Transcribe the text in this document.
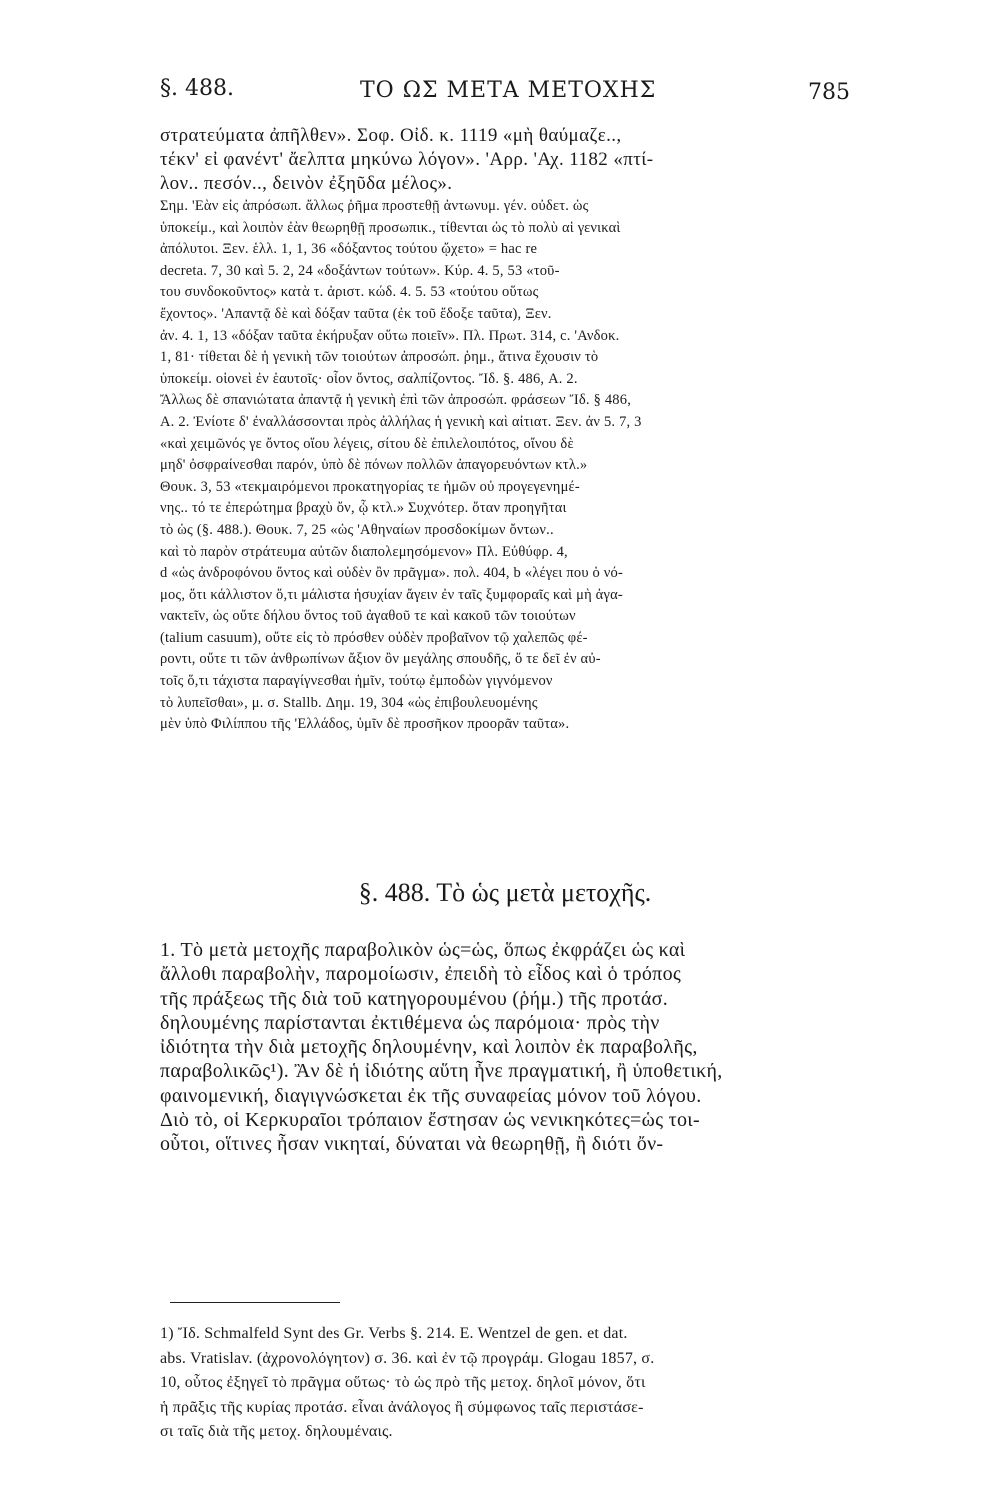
§. 488.	ΤΟ ΩΣ ΜΕΤΑ ΜΕΤΟΧΗΣ	785
στρατεύματα ἀπῆλθεν». Σοφ. Οἰδ. κ. 1119 «μὴ θαύμαζε..,
τέκν' εἰ φανέντ' ἄελπτα μηκύνω λόγον». 'Αρρ. 'Αχ. 1182 «πτί-
λον.. πεσόν.., δεινὸν ἐξηῦδα μέλος».
Σημ. 'Εὰν εἰς ἀπρόσωπ. ἄλλως ῥῆμα προστεθῇ ἀντωνυμ. γέν. οὐδετ. ὡς
ὑποκείμ., καὶ λοιπὸν ἐὰν θεωρηθῇ προσωπικ., τίθενται ὡς τὸ πολὺ αἱ γενικαὶ
ἀπόλυτοι. Ξεν. ἑλλ. 1, 1, 36 «δόξαντος τούτου ᾤχετο» = hac re
decreta. 7, 30 καὶ 5. 2, 24 «δοξάντων τούτων». Κύρ. 4. 5, 53 «τοῦ-
του συνδοκοῦντος» κατὰ τ. ἀριστ. κώδ. 4. 5. 53 «τούτου οὕτως
ἔχοντος». 'Απαντᾷ δὲ καὶ δόξαν ταῦτα (ἐκ τοῦ ἔδοξε ταῦτα), Ξεν.
ἀν. 4. 1, 13 «δόξαν ταῦτα ἐκήρυξαν οὕτω ποιεῖν». Πλ. Πρωτ. 314, c. 'Ανδοκ.
1, 81· τίθεται δὲ ἡ γενικὴ τῶν τοιούτων ἀπροσώπ. ῥημ., ἅτινα ἔχουσιν τὸ
ὑποκείμ. οἱονεὶ ἐν ἑαυτοῖς· οἷον ὄντος, σαλπίζοντος. Ἴδ. §. 486, A. 2.
Ἄλλως δὲ σπανιώτατα ἀπαντᾷ ἡ γενικὴ ἐπὶ τῶν ἀπροσώπ. φράσεων Ἴδ. § 486,
A. 2. Ἐνίοτε δ' ἐναλλάσσονται πρὸς ἀλλήλας ἡ γενικὴ καὶ αἰτιατ. Ξεν. ἀν 5. 7, 3
«καὶ χειμῶνός γε ὄντος οἵου λέγεις, σίτου δὲ ἐπιλελοιπότος, οἴνου δὲ
μηδ' ὀσφραίνεσθαι παρόν, ὑπὸ δὲ πόνων πολλῶν ἀπαγορευόντων κτλ.»
Θουκ. 3, 53 «τεκμαιρόμενοι προκατηγορίας τε ἡμῶν οὐ προγεγενημέ-
νης.. τό τε ἐπερώτημα βραχὺ ὄν, ᾧ κτλ.» Συχνότερ. ὅταν προηγῆται
τὸ ὡς (§. 488.). Θουκ. 7, 25 «ὡς 'Αθηναίων προσδοκίμων ὄντων..
καὶ τὸ παρὸν στράτευμα αὐτῶν διαπολεμησόμενον» Πλ. Εὐθύφρ. 4,
d «ὡς ἀνδροφόνου ὄντος καὶ οὐδὲν ὂν πρᾶγμα». πολ. 404, b «λέγει που ὁ νό-
μος, ὅτι κάλλιστον ὅ,τι μάλιστα ἡσυχίαν ἄγειν ἐν ταῖς ξυμφοραῖς καὶ μὴ ἀγα-
νακτεῖν, ὡς οὔτε δήλου ὄντος τοῦ ἀγαθοῦ τε καὶ κακοῦ τῶν τοιούτων
(talium casuum), οὔτε εἰς τὸ πρόσθεν οὐδὲν προβαῖνον τῷ χαλεπῶς φέ-
ροντι, οὔτε τι τῶν ἀνθρωπίνων ἄξιον ὂν μεγάλης σπουδῆς, ὅ τε δεῖ ἐν αὐ-
τοῖς ὅ,τι τάχιστα παραγίγνεσθαι ἡμῖν, τούτῳ ἐμποδὼν γιγνόμενον
τὸ λυπεῖσθαι», μ. σ. Stallb. Δημ. 19, 304 «ὡς ἐπιβουλευομένης
μὲν ὑπὸ Φιλίππου τῆς 'Ελλάδος, ὑμῖν δὲ προσῆκον προορᾶν ταῦτα».
§. 488. Τὸ ὡς μετὰ μετοχῆς.
1. Τὸ μετὰ μετοχῆς παραβολικὸν ὡς=ὡς, ὅπως ἐκφράζει ὡς καὶ
ἄλλοθι παραβολὴν, παρομοίωσιν, ἐπειδὴ τὸ εἶδος καὶ ὁ τρόπος
τῆς πράξεως τῆς διὰ τοῦ κατηγορουμένου (ῥήμ.) τῆς προτάσ.
δηλουμένης παρίστανται ἐκτιθέμενα ὡς παρόμοια· πρὸς τὴν
ἰδιότητα τὴν διὰ μετοχῆς δηλουμένην, καὶ λοιπὸν ἐκ παραβολῆς,
παραβολικῶς¹). Ἂν δὲ ἡ ἰδιότης αὕτη ἦνε πραγματική, ἢ ὑποθετική,
φαινομενική, διαγιγνώσκεται ἐκ τῆς συναφείας μόνον τοῦ λόγου.
Διὸ τὸ, οἱ Κερκυραῖοι τρόπαιον ἔστησαν ὡς νενικηκότες=ὡς τοι-
οὗτοι, οἵτινες ἦσαν νικηταί, δύναται νὰ θεωρηθῇ, ἢ διότι ὄν-
1) Ἴδ. Schmalfeld Synt des Gr. Verbs §. 214. E. Wentzel de gen. et dat.
abs. Vratislav. (ἀχρονολόγητον) σ. 36. καὶ ἐν τῷ προγράμ. Glogau 1857, σ.
10, οὗτος ἐξηγεῖ τὸ πρᾶγμα οὕτως· τὸ ὡς πρὸ τῆς μετοχ. δηλοῖ μόνον, ὅτι
ἡ πρᾶξις τῆς κυρίας προτάσ. εἶναι ἀνάλογος ἢ σύμφωνος ταῖς περιστάσε-
σι ταῖς διὰ τῆς μετοχ. δηλουμέναις.
